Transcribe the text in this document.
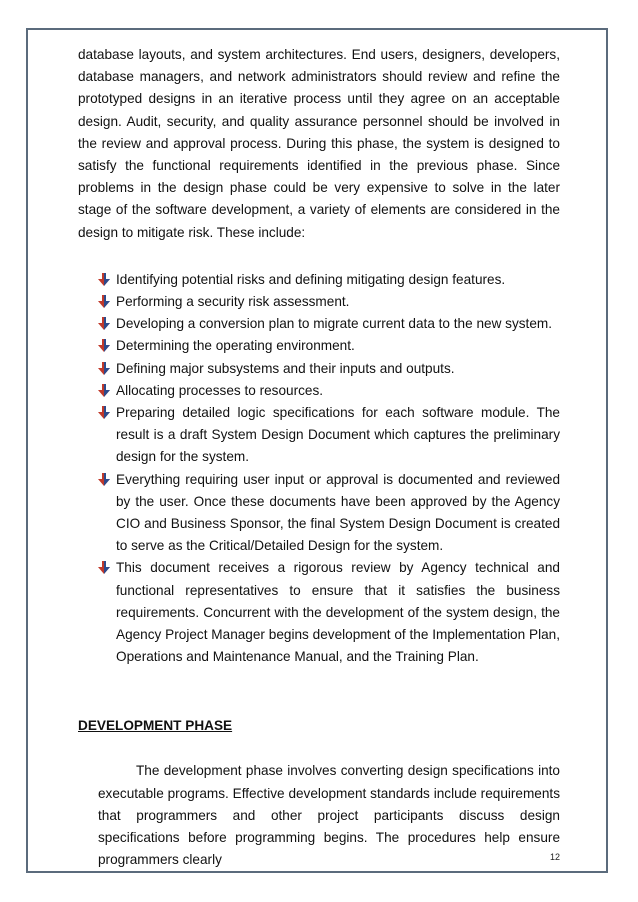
database layouts, and system architectures. End users, designers, developers, database managers, and network administrators should review and refine the prototyped designs in an iterative process until they agree on an acceptable design. Audit, security, and quality assurance personnel should be involved in the review and approval process. During this phase, the system is designed to satisfy the functional requirements identified in the previous phase. Since problems in the design phase could be very expensive to solve in the later stage of the software development, a variety of elements are considered in the design to mitigate risk. These include:

Identifying potential risks and defining mitigating design features.
Performing a security risk assessment.
Developing a conversion plan to migrate current data to the new system.
Determining the operating environment.
Defining major subsystems and their inputs and outputs.
Allocating processes to resources.
Preparing detailed logic specifications for each software module. The result is a draft System Design Document which captures the preliminary design for the system.
Everything requiring user input or approval is documented and reviewed by the user. Once these documents have been approved by the Agency CIO and Business Sponsor, the final System Design Document is created to serve as the Critical/Detailed Design for the system.
This document receives a rigorous review by Agency technical and functional representatives to ensure that it satisfies the business requirements. Concurrent with the development of the system design, the Agency Project Manager begins development of the Implementation Plan, Operations and Maintenance Manual, and the Training Plan.
DEVELOPMENT PHASE

The development phase involves converting design specifications into executable programs. Effective development standards include requirements that programmers and other project participants discuss design specifications before programming begins. The procedures help ensure programmers clearly	12
